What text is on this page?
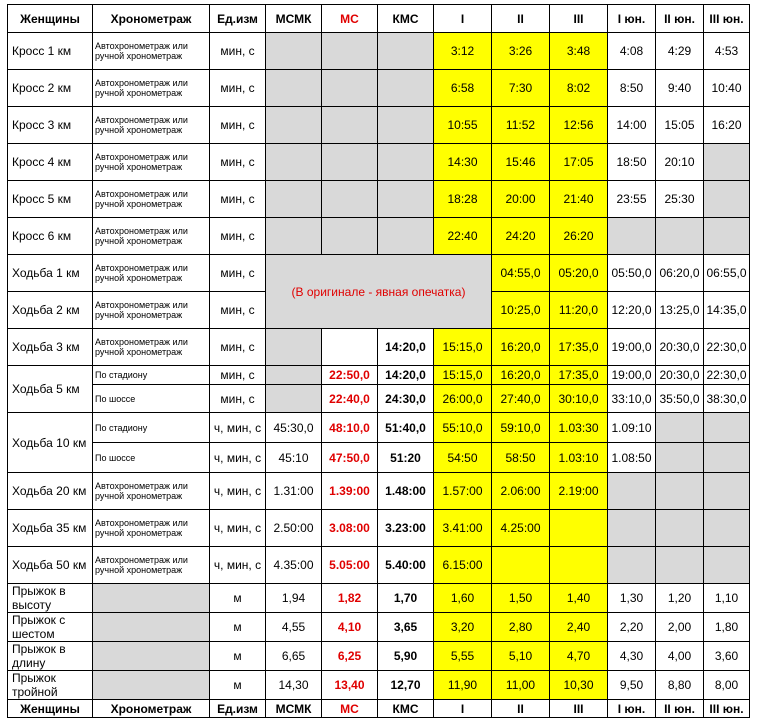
Женщины	Хронометраж	Ед.изм	МСМК	МС	КМС	I	II	III	I юн.	II юн.	III юн.
Кросс 1 км	Автохронометраж или ручной хронометраж	мин, с				3:12	3:26	3:48	4:08	4:29	4:53
Кросс 2 км	Автохронометраж или ручной хронометраж	мин, с				6:58	7:30	8:02	8:50	9:40	10:40
Кросс 3 км	Автохронометраж или ручной хронометраж	мин, с				10:55	11:52	12:56	14:00	15:05	16:20
Кросс 4 км	Автохронометраж или ручной хронометраж	мин, с				14:30	15:46	17:05	18:50	20:10	
Кросс 5 км	Автохронометраж или ручной хронометраж	мин, с				18:28	20:00	21:40	23:55	25:30	
Кросс 6 км	Автохронометраж или ручной хронометраж	мин, с				22:40	24:20	26:20			
Ходьба 1 км	Автохронометраж или ручной хронометраж	мин, с	(В оригинале - явная опечатка)				04:55,0	05:20,0	05:50,0	06:20,0	06:55,0
Ходьба 2 км	Автохронометраж или ручной хронометраж	мин, с					10:25,0	11:20,0	12:20,0	13:25,0	14:35,0
Ходьба 3 км	Автохронометраж или ручной хронометраж	мин, с			14:20,0	15:15,0	16:20,0	17:35,0	19:00,0	20:30,0	22:30,0
Ходьба 5 км	По стадиону	мин, с		22:50,0	14:20,0	15:15,0	16:20,0	17:35,0	19:00,0	20:30,0	22:30,0
	По шоссе	мин, с		22:40,0	24:30,0	26:00,0	27:40,0	30:10,0	33:10,0	35:50,0	38:30,0
Ходьба 10 км	По стадиону	ч, мин, с	45:30,0	48:10,0	51:40,0	55:10,0	59:10,0	1.03:30	1.09:10		
	По шоссе	ч, мин, с	45:10	47:50,0	51:20	54:50	58:50	1.03:10	1.08:50		
Ходьба 20 км	Автохронометраж или ручной хронометраж	ч, мин, с	1.31:00	1.39:00	1.48:00	1.57:00	2.06:00	2.19:00			
Ходьба 35 км	Автохронометраж или ручной хронометраж	ч, мин, с	2.50:00	3.08:00	3.23:00	3.41:00	4.25:00				
Ходьба 50 км	Автохронометраж или ручной хронометраж	ч, мин, с	4.35:00	5.05:00	5.40:00	6.15:00					
Прыжок в высоту		м	1,94	1,82	1,70	1,60	1,50	1,40	1,30	1,20	1,10
Прыжок с шестом		м	4,55	4,10	3,65	3,20	2,80	2,40	2,20	2,00	1,80
Прыжок в длину		м	6,65	6,25	5,90	5,55	5,10	4,70	4,30	4,00	3,60
Прыжок тройной		м	14,30	13,40	12,70	11,90	11,00	10,30	9,50	8,80	8,00
Женщины	Хронометраж	Ед.изм	МСМК	МС	КМС	I	II	III	I юн.	II юн.	III юн.
